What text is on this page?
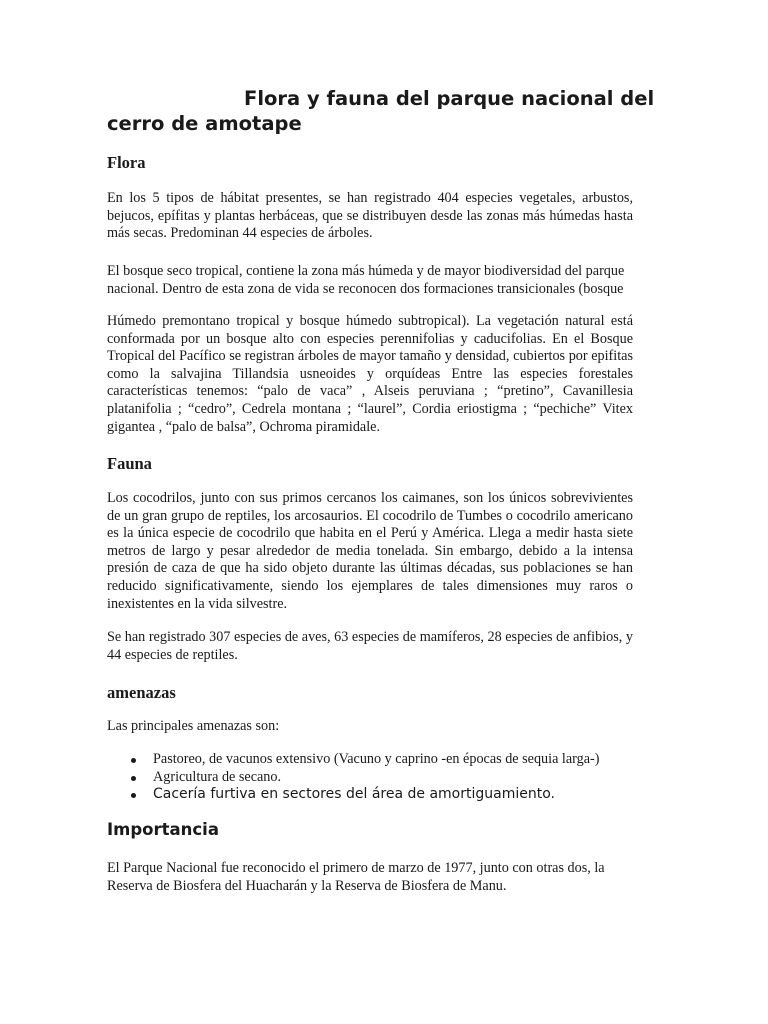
Flora y fauna del parque nacional del
cerro de amotape
Flora

En los 5 tipos de hábitat presentes, se han registrado 404 especies vegetales, arbustos, bejucos, epífitas y plantas herbáceas, que se distribuyen desde las zonas más húmedas hasta más secas. Predominan 44 especies de árboles.

El bosque seco tropical, contiene la zona más húmeda y de mayor biodiversidad del parque nacional. Dentro de esta zona de vida se reconocen dos formaciones transicionales (bosque

Húmedo premontano tropical y bosque húmedo subtropical). La vegetación natural está conformada por un bosque alto con especies perennifolias y caducifolias. En el Bosque Tropical del Pacífico se registran árboles de mayor tamaño y densidad, cubiertos por epifitas como la salvajina Tillandsia usneoides y orquídeas Entre las especies forestales características tenemos: “palo de vaca” , Alseis peruviana ; “pretino”, Cavanillesia platanifolia ; “cedro”, Cedrela montana ; “laurel”, Cordia eriostigma ; “pechiche” Vitex gigantea , “palo de balsa”, Ochroma piramidale.

Fauna

Los cocodrilos, junto con sus primos cercanos los caimanes, son los únicos sobrevivientes de un gran grupo de reptiles, los arcosaurios. El cocodrilo de Tumbes o cocodrilo americano es la única especie de cocodrilo que habita en el Perú y América. Llega a medir hasta siete metros de largo y pesar alrededor de media tonelada. Sin embargo, debido a la intensa presión de caza de que ha sido objeto durante las últimas décadas, sus poblaciones se han reducido significativamente, siendo los ejemplares de tales dimensiones muy raros o inexistentes en la vida silvestre.

Se han registrado 307 especies de aves, 63 especies de mamíferos, 28 especies de anfibios, y 44 especies de reptiles.

amenazas

Las principales amenazas son:

Pastoreo, de vacunos extensivo (Vacuno y caprino -en épocas de sequia larga-)
Agricultura de secano.
Cacería furtiva en sectores del área de amortiguamiento.
Importancia

El Parque Nacional fue reconocido el primero de marzo de 1977, junto con otras dos, la Reserva de Biosfera del Huacharán y la Reserva de Biosfera de Manu.
